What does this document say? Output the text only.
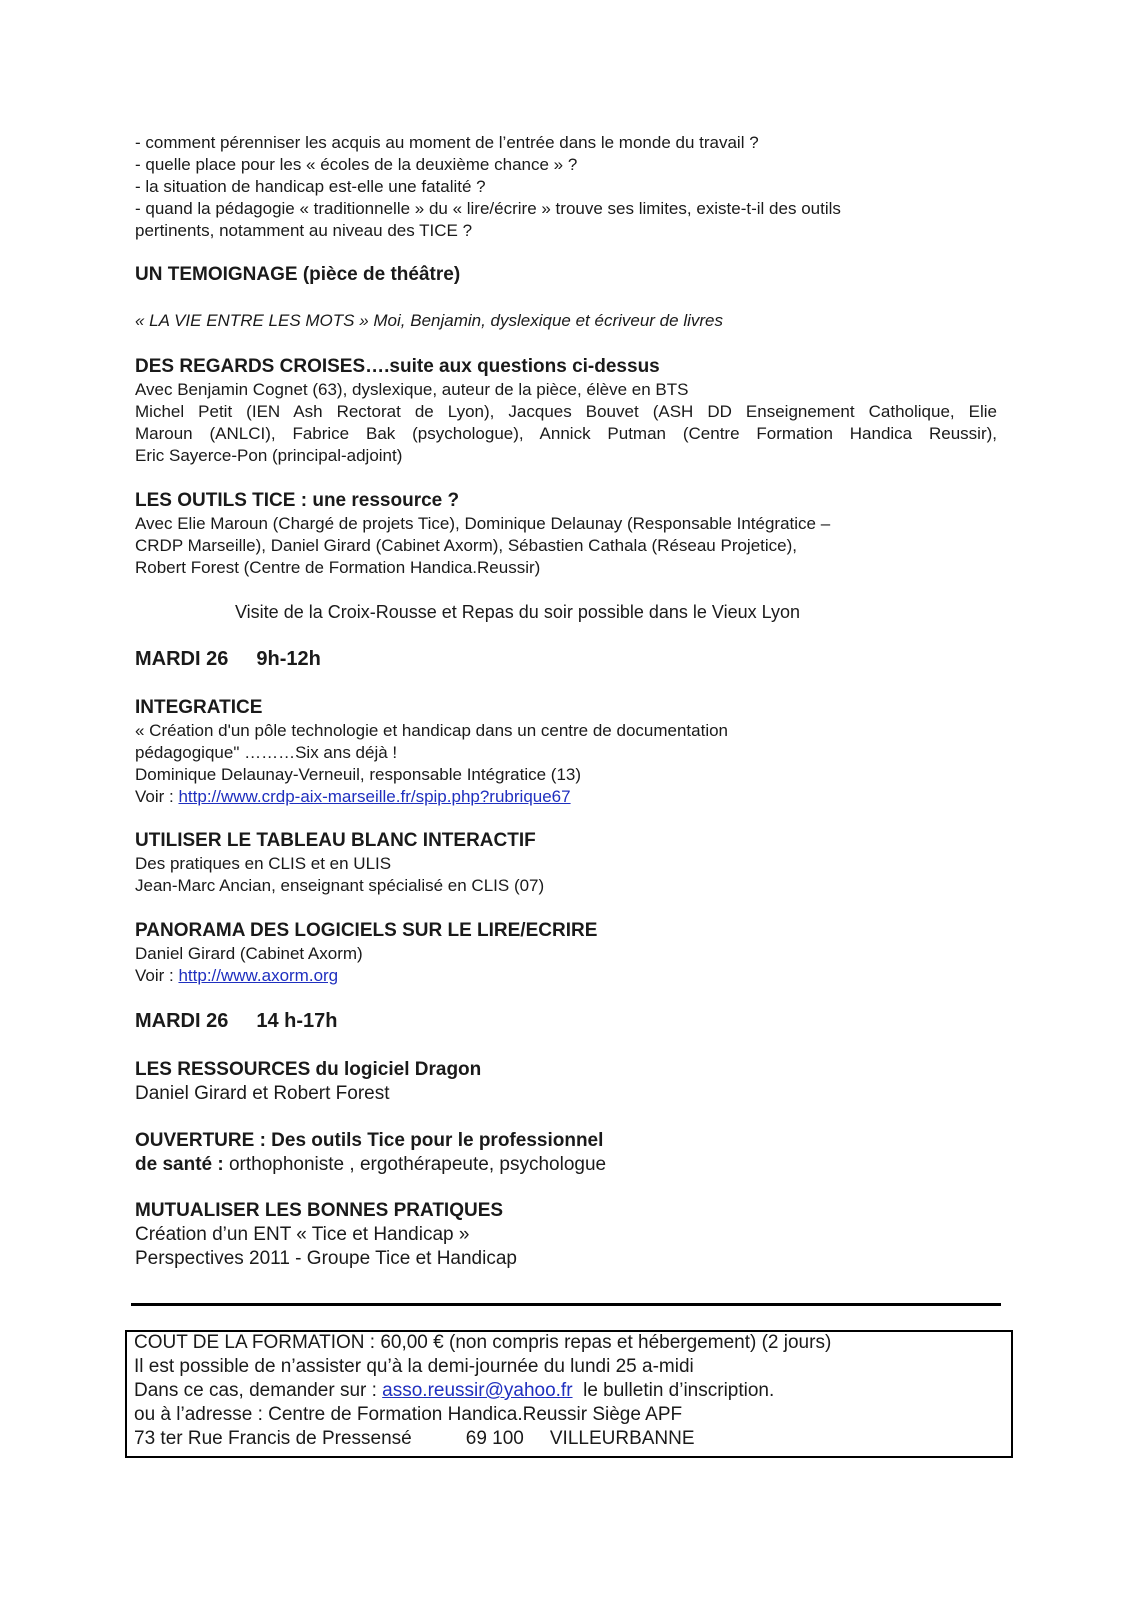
- comment pérenniser les acquis au moment de l’entrée dans le monde du travail ?
- quelle place pour les « écoles de la deuxième chance » ?
- la situation de handicap est-elle une fatalité ?
- quand la pédagogie « traditionnelle » du « lire/écrire » trouve ses limites, existe-t-il des outils
pertinents, notamment au niveau des TICE ?
UN TEMOIGNAGE (pièce de théâtre)
« LA VIE ENTRE LES MOTS » Moi, Benjamin, dyslexique et écriveur de livres
DES REGARDS CROISES….suite aux questions ci-dessus
Avec Benjamin Cognet (63), dyslexique, auteur de la pièce, élève en BTS
Michel Petit (IEN Ash Rectorat de Lyon), Jacques Bouvet (ASH DD Enseignement Catholique, Elie
Maroun (ANLCI), Fabrice Bak (psychologue), Annick Putman (Centre Formation Handica Reussir),
Eric Sayerce-Pon (principal-adjoint)
LES OUTILS TICE : une ressource ?
Avec Elie Maroun (Chargé de projets Tice), Dominique Delaunay (Responsable Intégratice –
CRDP Marseille), Daniel Girard (Cabinet Axorm), Sébastien Cathala (Réseau Projetice),
Robert Forest (Centre de Formation Handica.Reussir)
Visite de la Croix-Rousse et Repas du soir possible dans le Vieux Lyon
MARDI 26 9h-12h
INTEGRATICE
« Création d'un pôle technologie et handicap dans un centre de documentation
pédagogique" ………Six ans déjà !
Dominique Delaunay-Verneuil, responsable Intégratice (13)
Voir : http://www.crdp-aix-marseille.fr/spip.php?rubrique67
UTILISER LE TABLEAU BLANC INTERACTIF
Des pratiques en CLIS et en ULIS
Jean-Marc Ancian, enseignant spécialisé en CLIS (07)
PANORAMA DES LOGICIELS SUR LE LIRE/ECRIRE
Daniel Girard (Cabinet Axorm)
Voir : http://www.axorm.org
MARDI 26 14 h-17h
LES RESSOURCES du logiciel Dragon
Daniel Girard et Robert Forest
OUVERTURE : Des outils Tice pour le professionnel
de santé : orthophoniste , ergothérapeute, psychologue
MUTUALISER LES BONNES PRATIQUES
Création d’un ENT « Tice et Handicap »
Perspectives 2011 - Groupe Tice et Handicap
COUT DE LA FORMATION : 60,00 € (non compris repas et hébergement) (2 jours)
Il est possible de n’assister qu’à la demi-journée du lundi 25 a-midi
Dans ce cas, demander sur : asso.reussir@yahoo.fr  le bulletin d’inscription.
ou à l’adresse : Centre de Formation Handica.Reussir Siège APF
73 ter Rue Francis de Pressensé	69 100 VILLEURBANNE
